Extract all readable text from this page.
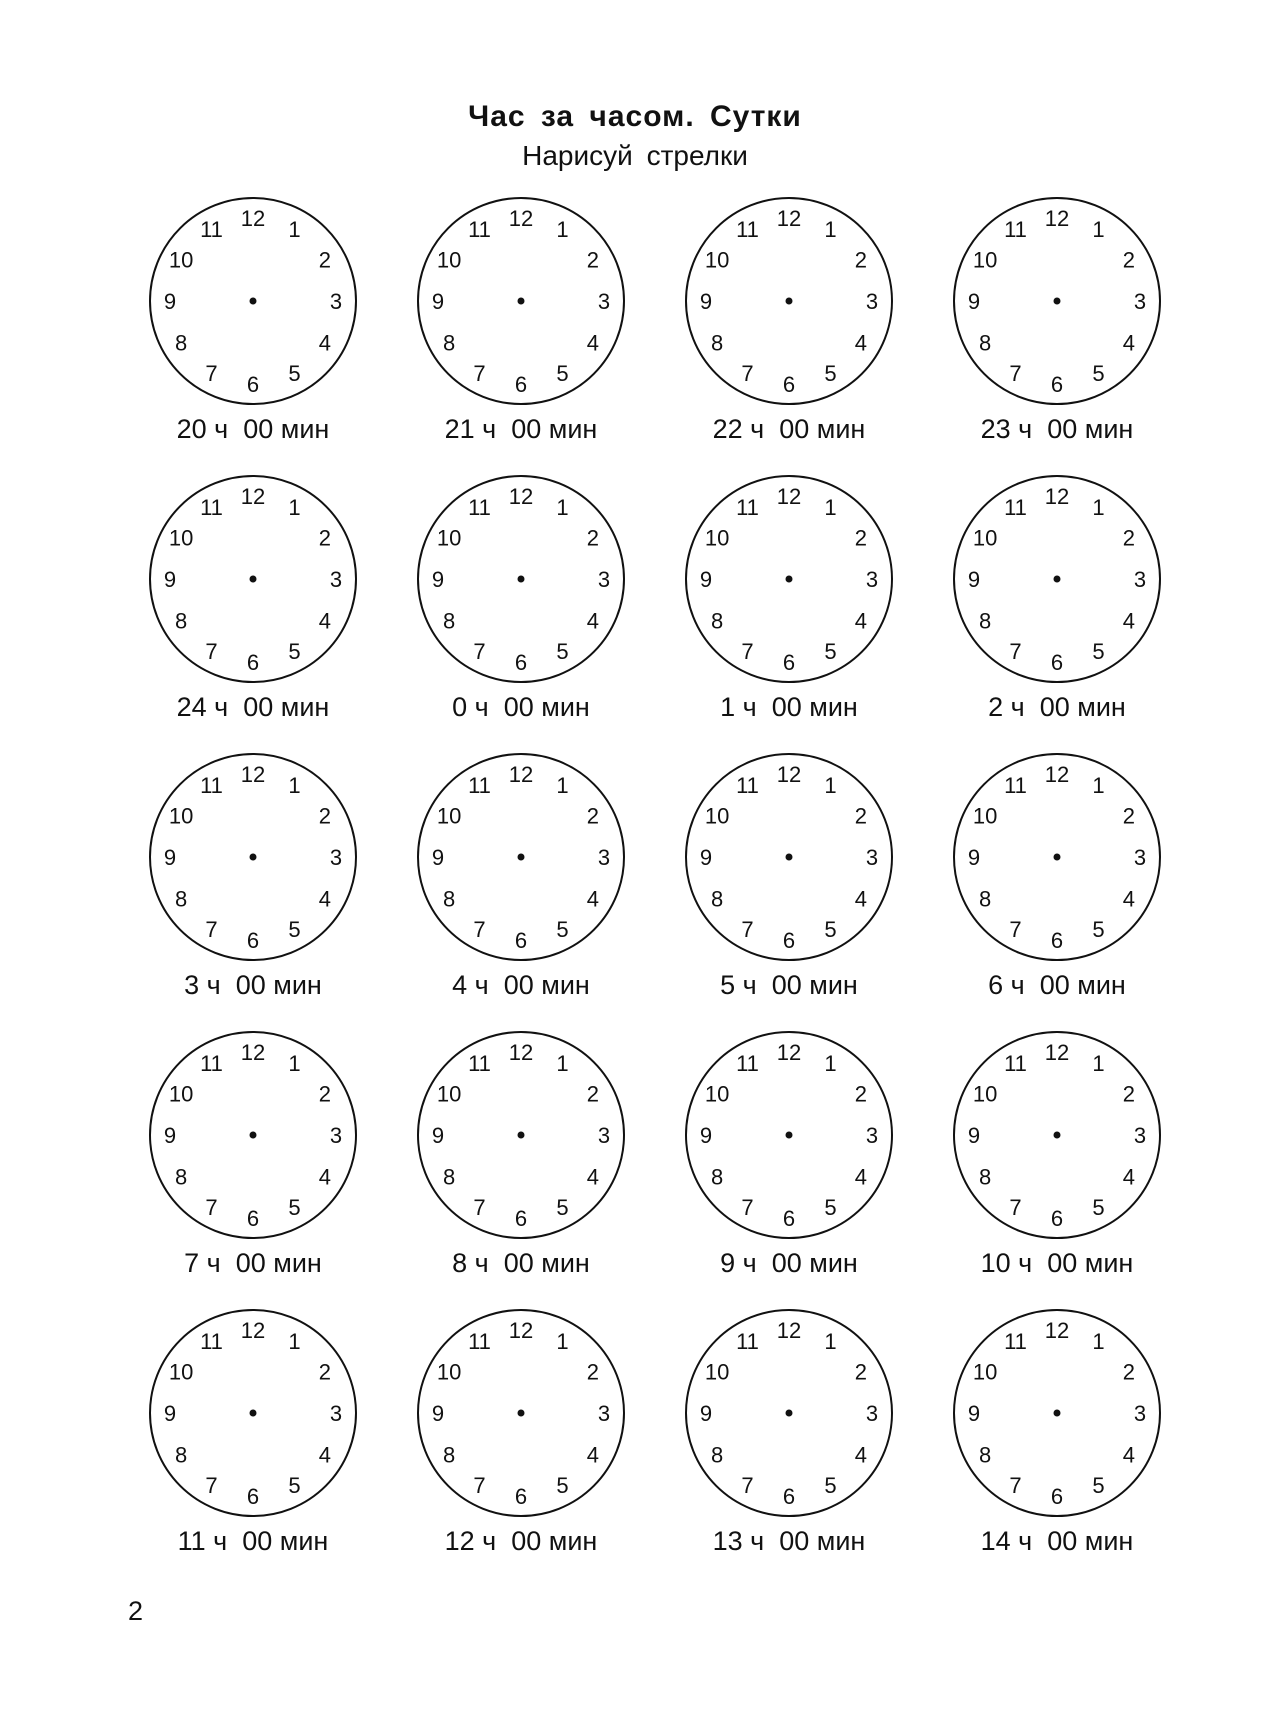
Час за часом. Сутки
Нарисуй стрелки
12 1
2
3
4
5
6
7
8
9
10
11
20 ч  00 мин
12 1
2
3
4
5
6
7
8
9
10
11
21 ч  00 мин
12 1
2
3
4
5
6
7
8
9
10
11
22 ч  00 мин
12 1
2
3
4
5
6
7
8
9
10
11
23 ч  00 мин
12 1
2
3
4
5
6
7
8
9
10
11
24 ч  00 мин
12 1
2
3
4
5
6
7
8
9
10
11
0 ч  00 мин
12 1
2
3
4
5
6
7
8
9
10
11
1 ч  00 мин
12 1
2
3
4
5
6
7
8
9
10
11
2 ч  00 мин
12 1
2
3
4
5
6
7
8
9
10
11
3 ч  00 мин
12 1
2
3
4
5
6
7
8
9
10
11
4 ч  00 мин
12 1
2
3
4
5
6
7
8
9
10
11
5 ч  00 мин
12 1
2
3
4
5
6
7
8
9
10
11
6 ч  00 мин
12 1
2
3
4
5
6
7
8
9
10
11
7 ч  00 мин
12 1
2
3
4
5
6
7
8
9
10
11
8 ч  00 мин
12 1
2
3
4
5
6
7
8
9
10
11
9 ч  00 мин
12 1
2
3
4
5
6
7
8
9
10
11
10 ч  00 мин
12 1
2
3
4
5
6
7
8
9
10
11
11 ч  00 мин
12 1
2
3
4
5
6
7
8
9
10
11
12 ч  00 мин
12 1
2
3
4
5
6
7
8
9
10
11
13 ч  00 мин
12 1
2
3
4
5
6
7
8
9
10
11
14 ч  00 мин
2
